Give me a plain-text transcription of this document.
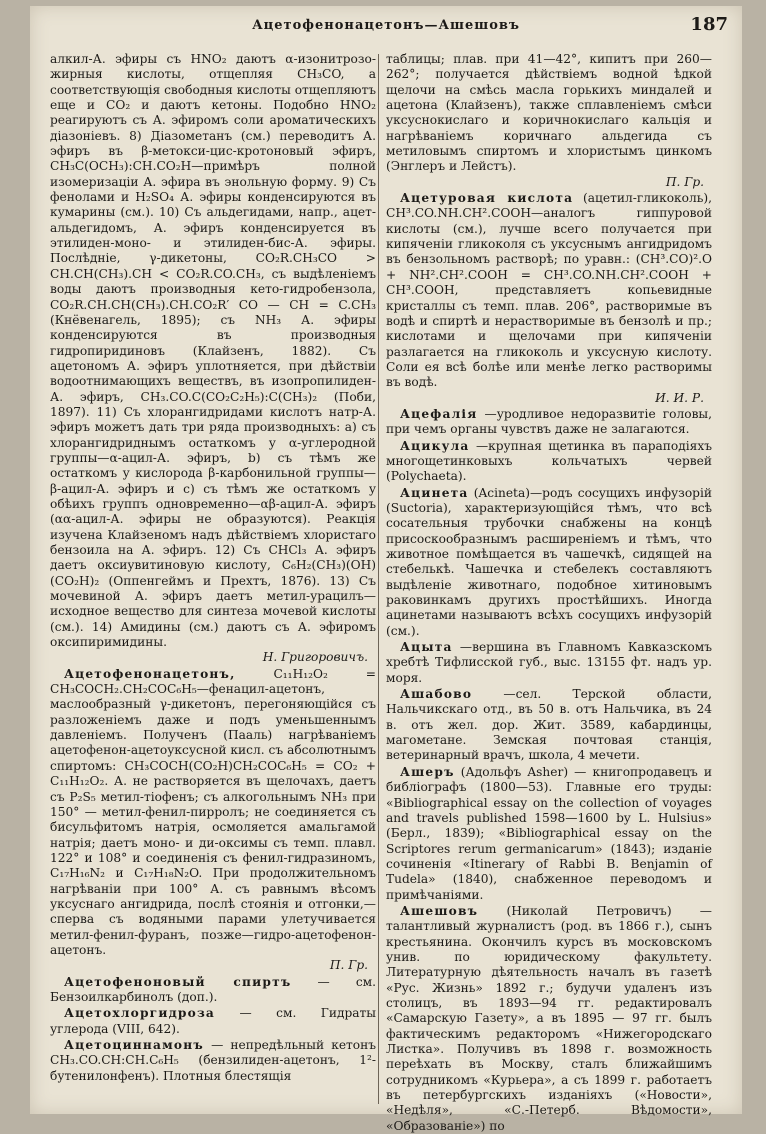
Ацетофенонацетонъ—Ашешовъ	187

алкил-А. эфиры съ HNO₂ даютъ α-изонитрозо-жирныя кислоты, отщепляя CH₃CO, а соответствующія свободныя кислоты отщепляютъ еще и CO₂ и даютъ кетоны. Подобно HNO₂ реагируютъ съ А. эфиромъ соли ароматическихъ діазоніевъ. 8) Діазометанъ (см.) переводитъ А. эфиръ въ β-метокси-цис-кротоновый эфиръ, CH₃C(OCH₃):CH.CO₂H—примѣръ полной изомеризаціи А. эфира въ энольную форму. 9) Съ фенолами и H₂SO₄ А. эфиры конденсируются въ кумарины (см.). 10) Съ альдегидами, напр., ацет-альдегидомъ, А. эфиръ конденсируется въ этилиден-моно- и этилиден-бис-А. эфиры. Послѣдніе, γ-дикетоны, CO₂R.CH₃CO > CH.CH(CH₃).CH < CO₂R.CO.CH₃, съ выдѣленіемъ воды даютъ производныя кето-гидробензола, CO₂R.CH.CH(CH₃).CH.CO₂R′ CO — CH = C.CH₃ (Кнёвенагель, 1895); съ NH₃ А. эфиры конденсируются въ производныя гидропиридиновъ (Клайзенъ, 1882). Съ ацетономъ А. эфиръ уплотняется, при дѣйствіи водоотнимающихъ веществъ, въ изопропилиден-А. эфиръ, CH₃.CO.C(CO₂C₂H₅):C(CH₃)₂ (Поби, 1897). 11) Съ хлорангидридами кислотъ натр-А. эфиръ можетъ дать три ряда производныхъ: a) съ хлорангидриднымъ остаткомъ у α-углеродной группы—α-ацил-А. эфиръ, b) съ тѣмъ же остаткомъ у кислорода β-карбонильной группы—β-ацил-А. эфиръ и c) съ тѣмъ же остаткомъ у обѣихъ группъ одновременно—αβ-ацил-А. эфиръ (αα-ацил-А. эфиры не образуются). Реакція изучена Клайзеномъ надъ дѣйствіемъ хлористаго бензоила на А. эфиръ. 12) Съ CHCl₃ А. эфиръ даетъ оксиувитиновую кислоту, C₆H₂(CH₃)(OH)(CO₂H)₂ (Оппенгеймъ и Прехтъ, 1876). 13) Съ мочевиной А. эфиръ даетъ метил-урацилъ—исходное вещество для синтеза мочевой кислоты (см.). 14) Амидины (см.) даютъ съ А. эфиромъ оксипиримидины.
Н. Григоровичъ.

Ацетофенонацетонъ,	C₁₁H₁₂O₂ = CH₃COCH₂.CH₂COC₆H₅—фенацил-ацетонъ, маслообразный γ-дикетонъ, перегоняющійся съ разложеніемъ даже и подъ уменьшеннымъ давленіемъ. Полученъ (Пааль) нагрѣваніемъ ацетофенон-ацетоуксусной кисл. съ абсолютнымъ спиртомъ: CH₃COCH(CO₂H)CH₂COC₆H₅ = CO₂ + C₁₁H₁₂O₂. А. не растворяется въ щелочахъ, даетъ съ P₂S₅ метил-тіофенъ; съ алкогольнымъ NH₃ при 150° — метил-фенил-пирролъ; не соединяется съ бисульфитомъ натрія, осмоляется амальгамой натрія; даетъ моно- и ди-оксимы съ темп. плавл. 122° и 108° и соединенія съ фенил-гидразиномъ, C₁₇H₁₆N₂ и C₁₇H₁₈N₂O. При продолжительномъ нагрѣваніи при 100° А. съ равнымъ вѣсомъ уксуснаго ангидрида, послѣ стоянія и отгонки,—сперва съ водяными парами улетучивается метил-фенил-фуранъ, позже—гидро-ацетофенон-ацетонъ.
П. Гр.

Ацетофеноновый спиртъ — см. Бензоилкарбинолъ (доп.).

Ацетохлоргидроза — см. Гидраты углерода (VIII, 642).

Ацетоциннамонъ — непредѣльный кетонъ CH₃.CO.CH:CH.C₆H₅ (бензилиден-ацетонъ, 1²-бутенилонфенъ). Плотныя блестящія

таблицы; плав. при 41—42°, кипитъ при 260—262°; получается дѣйствіемъ водной ѣдкой щелочи на смѣсь масла горькихъ миндалей и ацетона (Клайзенъ), также сплавленіемъ смѣси уксуснокислаго и коричнокислаго кальція и нагрѣваніемъ коричнаго альдегида съ метиловымъ спиртомъ и хлористымъ цинкомъ (Энглеръ и Лейстъ).
П. Гр.

Ацетуровая кислота (ацетил-гликоколь), CH³.CO.NH.CH².COOH—аналогъ гиппуровой кислоты (см.), лучше всего получается при кипяченіи гликоколя съ уксуснымъ ангидридомъ въ бензольномъ растворѣ; по уравн.: (CH³.CO)².O + NH².CH².COOH = CH³.CO.NH.CH².COOH + CH³.COOH, представляетъ копьевидные кристаллы съ темп. плав. 206°, растворимые въ водѣ и спиртѣ и нерастворимые въ бензолѣ и пр.; кислотами и щелочами при кипяченіи разлагается на гликоколь и уксусную кислоту. Соли ея всѣ болѣе или менѣе легко растворимы въ водѣ.
И. И. Р.

Ацефалія —уродливое недоразвитіе головы, при чемъ органы чувствъ даже не залагаются.

Ацикула —крупная щетинка въ параподіяхъ многощетинковыхъ кольчатыхъ червей (Polychaeta).

Ацинета (Acineta)—родъ сосущихъ инфузорій (Suctoria), характеризующійся тѣмъ, что всѣ сосательныя трубочки снабжены на концѣ присоскообразнымъ расширеніемъ и тѣмъ, что животное помѣщается въ чашечкѣ, сидящей на стебелькѣ. Чашечка и стебелекъ составляютъ выдѣленіе животнаго, подобное хитиновымъ раковинкамъ другихъ простѣйшихъ. Иногда ацинетами называютъ всѣхъ сосущихъ инфузорій (см.).

Ацыта —вершина въ Главномъ Кавказскомъ хребтѣ Тифлисской губ., выс. 13155 фт. надъ ур. моря.

Ашабово	—сел. Терской области, Нальчикскаго отд., въ 50 в. отъ Нальчика, въ 24 в. отъ жел. дор. Жит. 3589, кабардинцы, магометане. Земская почтовая станція, ветеринарный врачъ, школа, 4 мечети.

Ашеръ (Адольфъ Asher) — книгопродавецъ и библіографъ (1800—53). Главные его труды: «Bibliographical essay on the collection of voyages and travels published 1598—1600 by L. Hulsius» (Берл., 1839); «Bibliographical essay on the Scriptores rerum germanicarum» (1843); изданіе сочиненія «Itinerary of Rabbi B. Benjamin of Tudela» (1840), снабженное переводомъ и примѣчаніями.

Ашешовъ (Николай Петровичъ) — талантливый журналистъ (род. въ 1866 г.), сынъ крестьянина. Окончилъ курсъ въ московскомъ унив. по юридическому факультету. Литературную дѣятельность началъ въ газетѣ «Рус. Жизнь» 1892 г.; будучи удаленъ изъ столицъ, въ 1893—94 гг. редактировалъ «Самарскую Газету», а въ 1895 — 97 гг. былъ фактическимъ редакторомъ «Нижегородскаго Листка». Получивъ въ 1898 г. возможность переѣхать въ Москву, сталъ ближайшимъ сотрудникомъ «Курьера», а съ 1899 г. работаетъ въ петербургскихъ изданіяхъ («Новости», «Недѣля», «С.-Петерб. Вѣдомости», «Образованіе») по
